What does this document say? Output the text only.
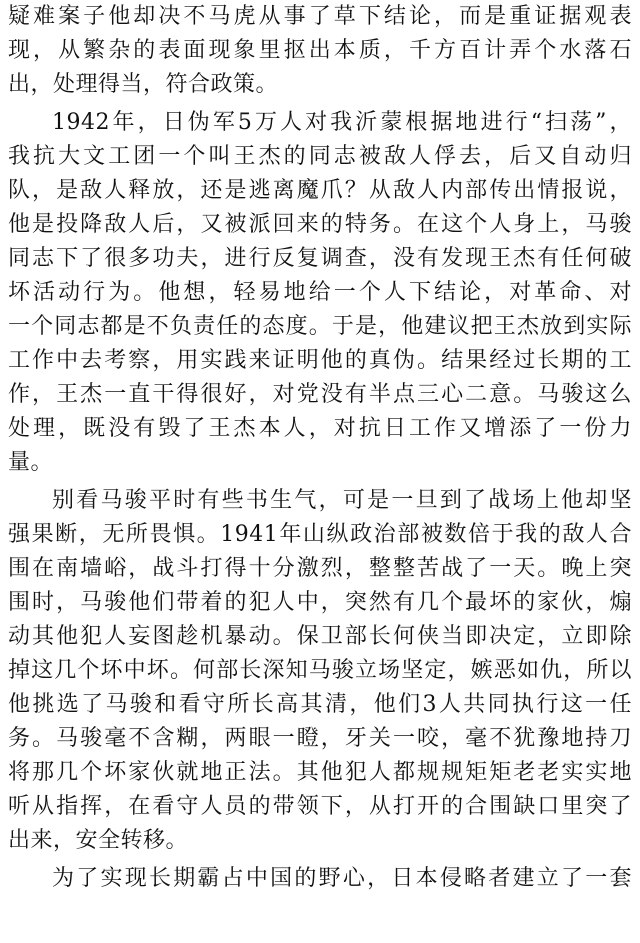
疑难案子他却决不马虎从事了草下结论，而是重证据观表
现，从繁杂的表面现象里抠出本质，千方百计弄个水落石
出，处理得当，符合政策。
1942年，日伪军5万人对我沂蒙根据地进行“扫荡”，
我抗大文工团一个叫王杰的同志被敌人俘去，后又自动归
队，是敌人释放，还是逃离魔爪？从敌人内部传出情报说，
他是投降敌人后，又被派回来的特务。在这个人身上，马骏
同志下了很多功夫，进行反复调查，没有发现王杰有任何破
坏活动行为。他想，轻易地给一个人下结论，对革命、对
一个同志都是不负责任的态度。于是，他建议把王杰放到实际
工作中去考察，用实践来证明他的真伪。结果经过长期的工
作，王杰一直干得很好，对党没有半点三心二意。马骏这么
处理，既没有毁了王杰本人，对抗日工作又增添了一份力
量。
别看马骏平时有些书生气，可是一旦到了战场上他却坚
强果断，无所畏惧。1941年山纵政治部被数倍于我的敌人合
围在南墙峪，战斗打得十分激烈，整整苦战了一天。晚上突
围时，马骏他们带着的犯人中，突然有几个最坏的家伙，煽
动其他犯人妄图趁机暴动。保卫部长何侠当即决定，立即除
掉这几个坏中坏。何部长深知马骏立场坚定，嫉恶如仇，所以
他挑选了马骏和看守所长高其清，他们3人共同执行这一任
务。马骏毫不含糊，两眼一瞪，牙关一咬，毫不犹豫地持刀
将那几个坏家伙就地正法。其他犯人都规规矩矩老老实实地
听从指挥，在看守人员的带领下，从打开的合围缺口里突了
出来，安全转移。
为了实现长期霸占中国的野心，日本侵略者建立了一套
